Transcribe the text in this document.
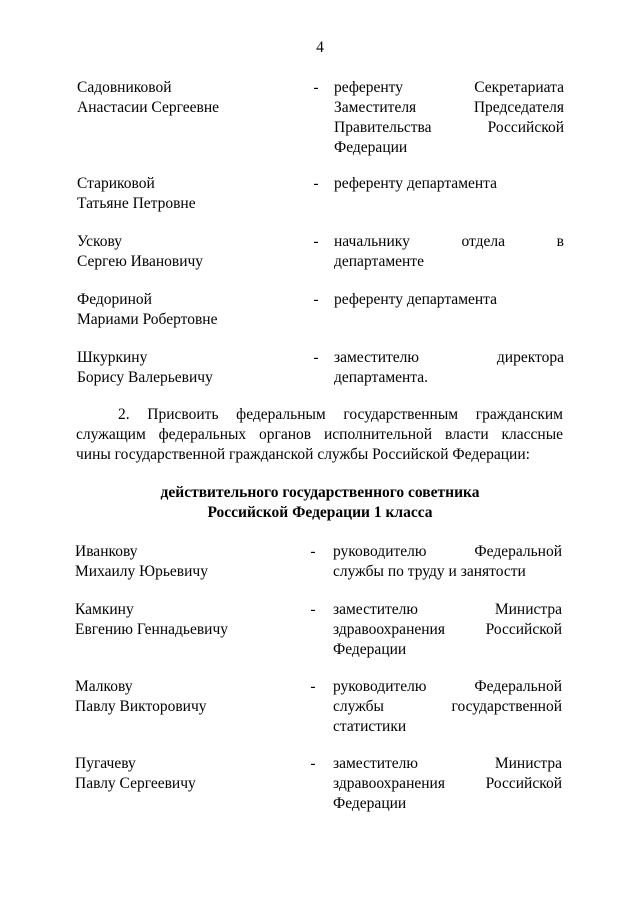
4
Садовниковой
Анастасии Сергеевне
- референту Секретариата
Заместителя Председателя
Правительства Российской
Федерации
Стариковой
Татьяне Петровне
- референту департамента
Ускову
Сергею Ивановичу
- начальнику отдела в
департаменте
Федориной
Мариами Робертовне
- референту департамента
Шкуркину
Борису Валерьевичу
- заместителю директора
департамента.
2. Присвоить федеральным государственным гражданским
служащим федеральных органов исполнительной власти классные
чины государственной гражданской службы Российской Федерации:
действительного государственного советника
Российской Федерации 1 класса
Иванкову
Михаилу Юрьевичу
- руководителю Федеральной
службы по труду и занятости
Камкину
Евгению Геннадьевичу
- заместителю Министра
здравоохранения Российской
Федерации
Малкову
Павлу Викторовичу
- руководителю Федеральной
службы государственной
статистики
Пугачеву
Павлу Сергеевичу
- заместителю Министра
здравоохранения Российской
Федерации
